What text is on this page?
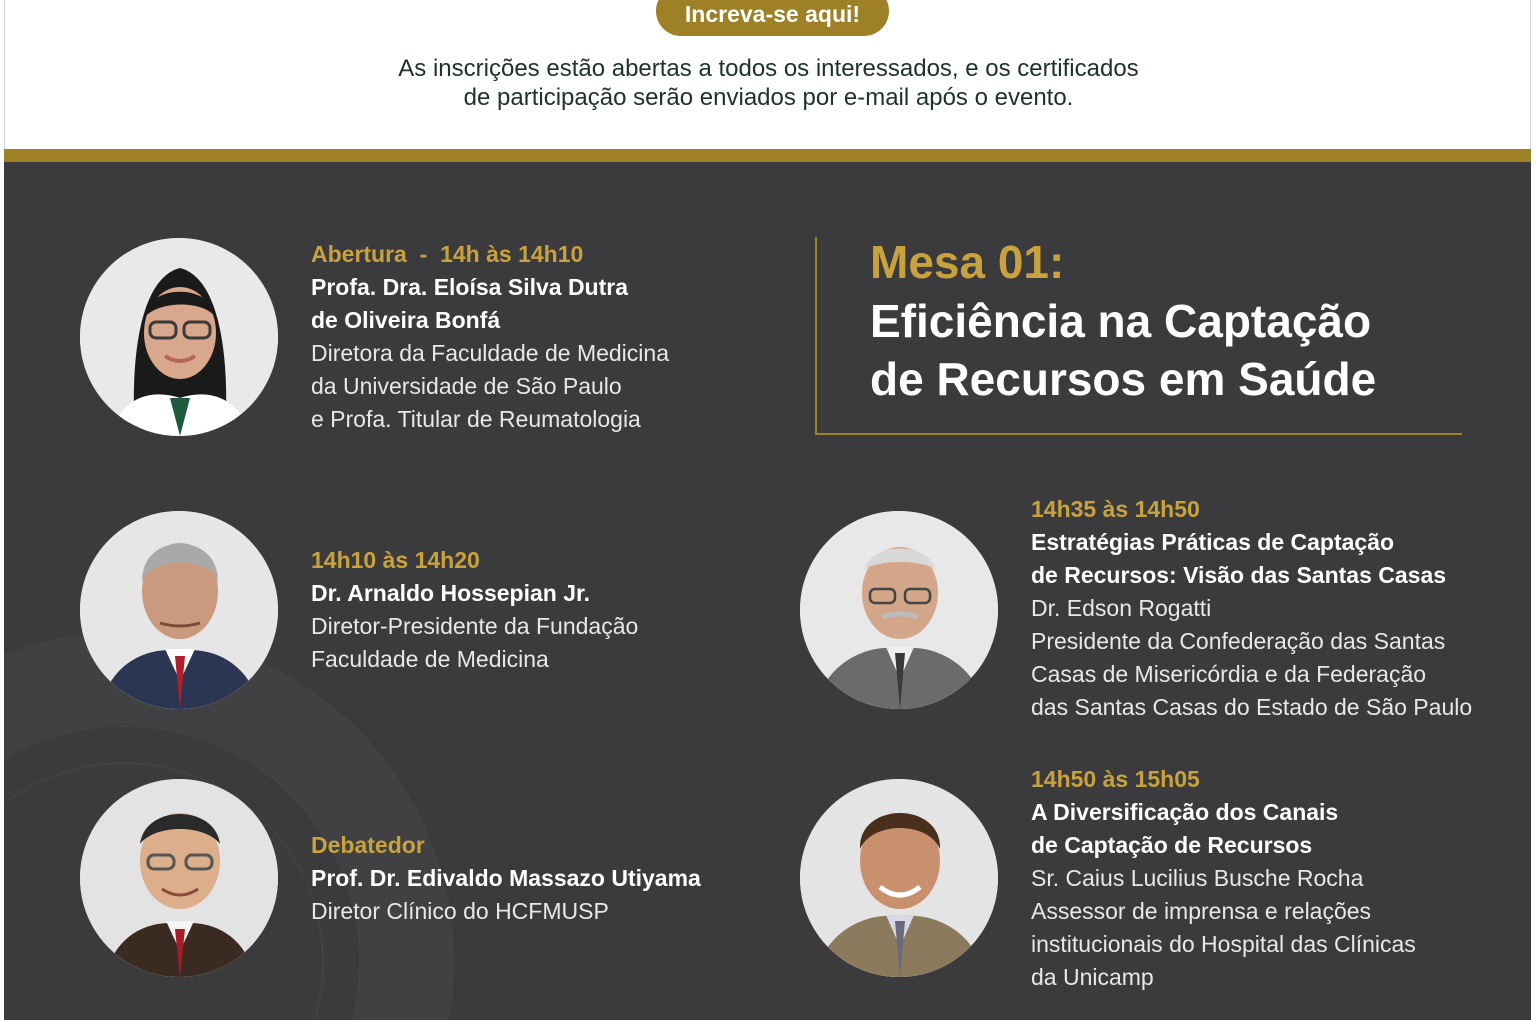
Increva-se aqui!
As inscrições estão abertas a todos os interessados, e os certificados
de participação serão enviados por e-mail após o evento.
Abertura  -  14h às 14h10
Profa. Dra. Eloísa Silva Dutra
de Oliveira Bonfá
Diretora da Faculdade de Medicina
da Universidade de São Paulo
e Profa. Titular de Reumatologia
14h10 às 14h20
Dr. Arnaldo Hossepian Jr.
Diretor-Presidente da Fundação
Faculdade de Medicina
Debatedor
Prof. Dr. Edivaldo Massazo Utiyama
Diretor Clínico do HCFMUSP
Mesa 01:
Eficiência na Captação
de Recursos em Saúde
14h35 às 14h50
Estratégias Práticas de Captação
de Recursos: Visão das Santas Casas
Dr. Edson Rogatti
Presidente da Confederação das Santas
Casas de Misericórdia e da Federação
das Santas Casas do Estado de São Paulo
14h50 às 15h05
A Diversificação dos Canais
de Captação de Recursos
Sr. Caius Lucilius Busche Rocha
Assessor de imprensa e relações
institucionais do Hospital das Clínicas
da Unicamp
